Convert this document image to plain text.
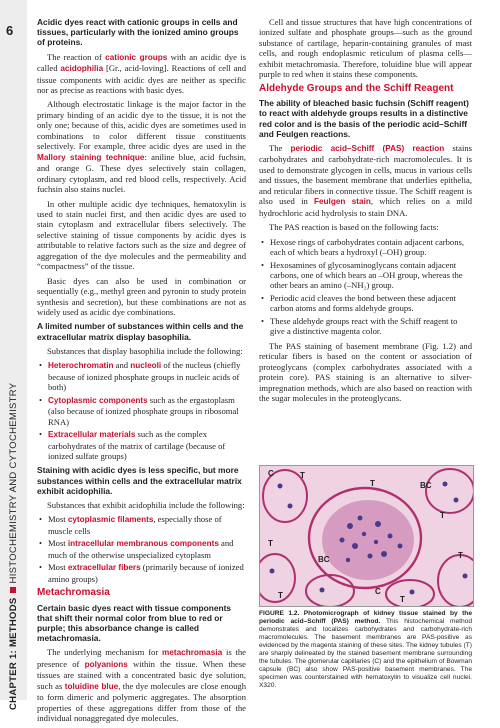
6
CHAPTER 1: METHODSHISTOCHEMISTRY AND CYTOCHEMISTRY
Acidic dyes react with cationic groups in cells and tissues, particularly with the ionized amino groups of proteins.

The reaction of cationic groups with an acidic dye is called acidophilia [Gr., acid-loving]. Reactions of cell and tissue components with acidic dyes are neither as specific nor as precise as reactions with basic dyes.

Although electrostatic linkage is the major factor in the primary binding of an acidic dye to the tissue, it is not the only one; because of this, acidic dyes are sometimes used in combinations to color different tissue constituents selectively. For example, three acidic dyes are used in the Mallory staining technique: aniline blue, acid fuchsin, and orange G. These dyes selectively stain collagen, ordinary cytoplasm, and red blood cells, respectively. Acid fuchsin also stains nuclei.

In other multiple acidic dye techniques, hematoxylin is used to stain nuclei first, and then acidic dyes are used to stain cytoplasm and extracellular fibers selectively. The selective staining of tissue components by acidic dyes is attributable to relative factors such as the size and degree of aggregation of the dye molecules and the permeability and “compactness” of the tissue.

Basic dyes can also be used in combination or sequentially (e.g., methyl green and pyronin to study protein synthesis and secretion), but these combinations are not as widely used as acidic dye combinations.

A limited number of substances within cells and the extracellular matrix display basophilia.

Substances that display basophilia include the following:

• Heterochromatin and nucleoli of the nucleus (chiefly because of ionized phosphate groups in nucleic acids of both)
• Cytoplasmic components such as the ergastoplasm (also because of ionized phosphate groups in ribosomal RNA)
• Extracellular materials such as the complex carbohydrates of the matrix of cartilage (because of ionized sulfate groups)
Staining with acidic dyes is less specific, but more substances within cells and the extracellular matrix exhibit acidophilia.

Substances that exhibit acidophilia include the following:

• Most cytoplasmic filaments, especially those of muscle cells
• Most intracellular membranous components and much of the otherwise unspecialized cytoplasm
• Most extracellular fibers (primarily because of ionized amino groups)
Metachromasia
Certain basic dyes react with tissue components that shift their normal color from blue to red or purple; this absorbance change is called metachromasia.

The underlying mechanism for metachromasia is the presence of polyanions within the tissue. When these tissues are stained with a concentrated basic dye solution, such as toluidine blue, the dye molecules are close enough to form dimeric and polymeric aggregates. The absorption properties of these aggregations differ from those of the individual nonaggregated dye molecules.

Cell and tissue structures that have high concentrations of ionized sulfate and phosphate groups—such as the ground substance of cartilage, heparin-containing granules of mast cells, and rough endoplasmic reticulum of plasma cells—exhibit metachromasia. Therefore, toluidine blue will appear purple to red when it stains these components.

Aldehyde Groups and the Schiff Reagent
The ability of bleached basic fuchsin (Schiff reagent) to react with aldehyde groups results in a distinctive red color and is the basis of the periodic acid–Schiff and Feulgen reactions.

The periodic acid–Schiff (PAS) reaction stains carbohydrates and carbohydrate-rich macromolecules. It is used to demonstrate glycogen in cells, mucus in various cells and tissues, the basement membrane that underlies epithelia, and reticular fibers in connective tissue. The Schiff reagent is also used in Feulgen stain, which relies on a mild hydrochloric acid hydrolysis to stain DNA.

The PAS reaction is based on the following facts:

• Hexose rings of carbohydrates contain adjacent carbons, each of which bears a hydroxyl (–OH) group.
• Hexosamines of glycosaminoglycans contain adjacent carbons, one of which bears an –OH group, whereas the other bears an amino (–NH₂) group.
• Periodic acid cleaves the bond between these adjacent carbon atoms and forms aldehyde groups.
• These aldehyde groups react with the Schiff reagent to give a distinctive magenta color.

The PAS staining of basement membrane (Fig. 1.2) and reticular fibers is based on the content or association of proteoglycans (complex carbohydrates associated with a protein core). PAS staining is an alternative to silver-impregnation methods, which are also based on reaction with the sugar molecules in the proteoglycans.

C	T
T	BC
T
T
BC
T	C
T
T
FIGURE 1.2. Photomicrograph of kidney tissue stained by the periodic acid–Schiff (PAS) method. This histochemical method demonstrates and localizes carbohydrates and carbohydrate-rich macromolecules. The basement membranes are PAS-positive as evidenced by the magenta staining of these sites. The kidney tubules (T) are sharply delineated by the stained basement membrane surrounding the tubules. The glomerular capillaries (C) and the epithelium of Bowman capsule (BC) also show PAS-positive basement membranes. The specimen was counterstained with hematoxylin to visualize cell nuclei. X320.
